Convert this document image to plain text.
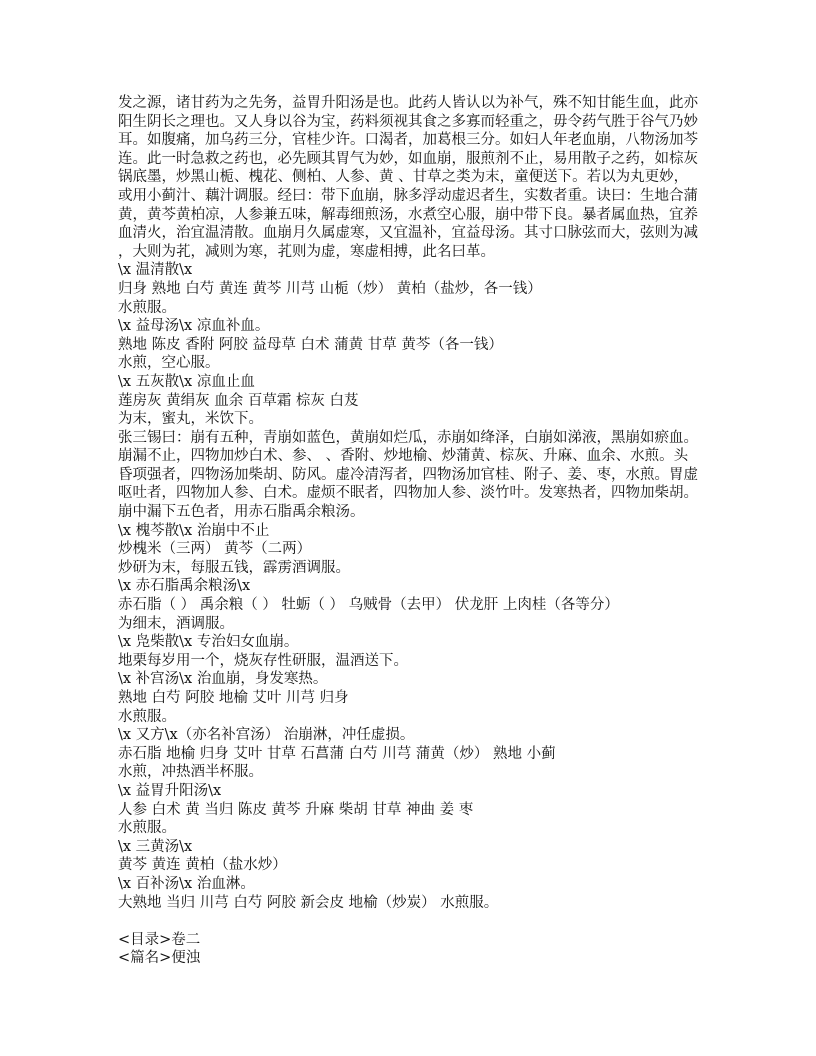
发之源，诸甘药为之先务，益胃升阳汤是也。此药人皆认以为补气，殊不知甘能生血，此亦
阳生阴长之理也。又人身以谷为宝，药料须视其食之多寡而轻重之，毋令药气胜于谷气乃妙
耳。如腹痛，加乌药三分，官桂少许。口渴者，加葛根三分。如妇人年老血崩，八物汤加芩
连。此一时急救之药也，必先顾其胃气为妙，如血崩，服煎剂不止，易用散子之药，如棕灰
锅底墨，炒黑山栀、槐花、侧柏、人参、黄 、甘草之类为末，童便送下。若以为丸更妙，
或用小蓟汁、藕汁调服。经曰：带下血崩，脉多浮动虚迟者生，实数者重。诀曰：生地合蒲
黄，黄芩黄柏凉，人参兼五味，解毒细煎汤，水煮空心服，崩中带下良。暴者属血热，宜养
血清火，治宜温清散。血崩月久属虚寒，又宜温补，宜益母汤。其寸口脉弦而大，弦则为减
，大则为芤，减则为寒，芤则为虚，寒虚相搏，此名曰革。
\x 温清散\x
归身 熟地 白芍 黄连 黄芩 川芎 山栀（炒） 黄柏（盐炒，各一钱）
水煎服。
\x 益母汤\x 凉血补血。
熟地 陈皮 香附 阿胶 益母草 白术 蒲黄 甘草 黄芩（各一钱）
水煎，空心服。
\x 五灰散\x 凉血止血
莲房灰 黄绢灰 血余 百草霜 棕灰 白芨
为末，蜜丸，米饮下。
张三锡曰：崩有五种，青崩如蓝色，黄崩如烂瓜，赤崩如绛泽，白崩如涕液，黑崩如瘀血。
崩漏不止，四物加炒白术、参、 、香附、炒地榆、炒蒲黄、棕灰、升麻、血余、水煎。头
昏项强者，四物汤加柴胡、防风。虚冷清泻者，四物汤加官桂、附子、姜、枣，水煎。胃虚
呕吐者，四物加人参、白术。虚烦不眠者，四物加人参、淡竹叶。发寒热者，四物加柴胡。
崩中漏下五色者，用赤石脂禹余粮汤。
\x 槐芩散\x 治崩中不止
炒槐米（三两） 黄芩（二两）
炒研为末，每服五钱，霹雳酒调服。
\x 赤石脂禹余粮汤\x
赤石脂（ ） 禹余粮（ ） 牡蛎（ ） 乌贼骨（去甲） 伏龙肝 上肉桂（各等分）
为细末，酒调服。
\x 凫柴散\x 专治妇女血崩。
地栗每岁用一个，烧灰存性研服，温酒送下。
\x 补宫汤\x 治血崩，身发寒热。
熟地 白芍 阿胶 地榆 艾叶 川芎 归身
水煎服。
\x 又方\x（亦名补宫汤） 治崩淋，冲任虚损。
赤石脂 地榆 归身 艾叶 甘草 石菖蒲 白芍 川芎 蒲黄（炒） 熟地 小蓟
水煎，冲热酒半杯服。
\x 益胃升阳汤\x
人参 白术 黄 当归 陈皮 黄芩 升麻 柴胡 甘草 神曲 姜 枣
水煎服。
\x 三黄汤\x
黄芩 黄连 黄柏（盐水炒）
\x 百补汤\x 治血淋。
大熟地 当归 川芎 白芍 阿胶 新会皮 地榆（炒炭） 水煎服。
<目录>卷二
<篇名>便浊
